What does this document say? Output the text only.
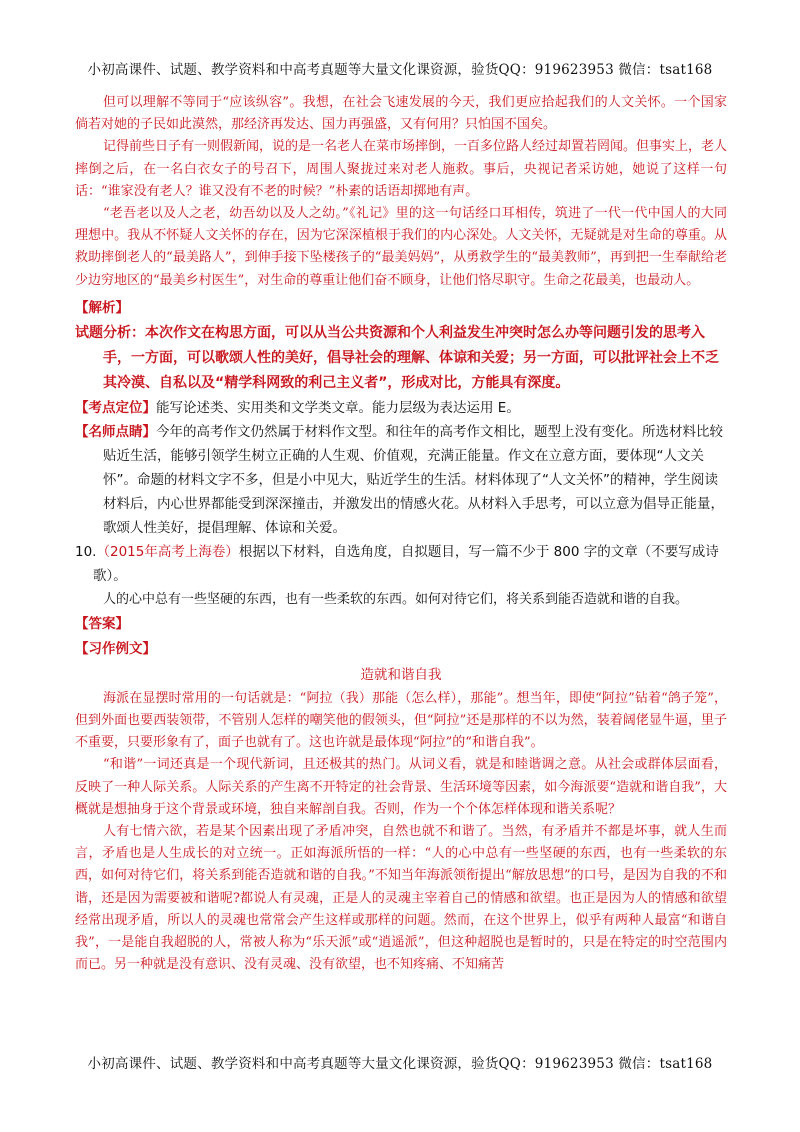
小初高课件、试题、教学资料和中高考真题等大量文化课资源，验货QQ：919623953 微信：tsat168

但可以理解不等同于“应该纵容”。我想，在社会飞速发展的今天，我们更应拾起我们的人文关怀。一个国家倘若对她的子民如此漠然，那经济再发达、国力再强盛，又有何用？只怕国不国矣。

记得前些日子有一则假新闻，说的是一名老人在菜市场摔倒，一百多位路人经过却置若罔闻。但事实上，老人摔倒之后，在一名白衣女子的号召下，周围人聚拢过来对老人施救。事后，央视记者采访她，她说了这样一句话：“谁家没有老人？谁又没有不老的时候？”朴素的话语却掷地有声。

“老吾老以及人之老，幼吾幼以及人之幼。”《礼记》里的这一句话经口耳相传，筑进了一代一代中国人的大同理想中。我从不怀疑人文关怀的存在，因为它深深植根于我们的内心深处。人文关怀，无疑就是对生命的尊重。从救助摔倒老人的“最美路人”，到伸手接下坠楼孩子的“最美妈妈”，从勇救学生的“最美教师”，再到把一生奉献给老少边穷地区的“最美乡村医生”，对生命的尊重让他们奋不顾身，让他们恪尽职守。生命之花最美，也最动人。

【解析】

试题分析：本次作文在构思方面，可以从当公共资源和个人利益发生冲突时怎么办等问题引发的思考入手，一方面，可以歌颂人性的美好，倡导社会的理解、体谅和关爱；另一方面，可以批评社会上不乏其冷漠、自私以及“精学科网致的利己主义者”，形成对比，方能具有深度。

【考点定位】能写论述类、实用类和文学类文章。能力层级为表达运用 E。

【名师点睛】今年的高考作文仍然属于材料作文型。和往年的高考作文相比，题型上没有变化。所选材料比较贴近生活，能够引领学生树立正确的人生观、价值观，充满正能量。作文在立意方面，要体现“人文关怀”。命题的材料文字不多，但是小中见大，贴近学生的生活。材料体现了“人文关怀”的精神，学生阅读材料后，内心世界都能受到深深撞击，并激发出的情感火花。从材料入手思考，可以立意为倡导正能量，歌颂人性美好，提倡理解、体谅和关爱。

10.（2015年高考上海卷）根据以下材料，自选角度，自拟题目，写一篇不少于 800 字的文章（不要写成诗歌）。

人的心中总有一些坚硬的东西，也有一些柔软的东西。如何对待它们，将关系到能否造就和谐的自我。

【答案】

【习作例文】

造就和谐自我

海派在显摆时常用的一句话就是：“阿拉（我）那能（怎么样），那能”。想当年，即使“阿拉”钻着“鸽子笼”，但到外面也要西装领带，不管别人怎样的嘲笑他的假领头，但“阿拉”还是那样的不以为然，装着阔佬显牛逼，里子不重要，只要形象有了，面子也就有了。这也许就是最体现“阿拉”的“和谐自我”。

“和谐”一词还真是一个现代新词，且还极其的热门。从词义看，就是和睦谐调之意。从社会或群体层面看，反映了一种人际关系。人际关系的产生离不开特定的社会背景、生活环境等因素，如今海派要“造就和谐自我”，大概就是想抽身于这个背景或环境，独自来解剖自我。否则，作为一个个体怎样体现和谐关系呢？

人有七情六欲，若是某个因素出现了矛盾冲突，自然也就不和谐了。当然，有矛盾并不都是坏事，就人生而言，矛盾也是人生成长的对立统一。正如海派所悟的一样：“人的心中总有一些坚硬的东西，也有一些柔软的东西，如何对待它们，将关系到能否造就和谐的自我。”不知当年海派领衔提出“解放思想”的口号，是因为自我的不和谐，还是因为需要被和谐呢?都说人有灵魂，正是人的灵魂主宰着自己的情感和欲望。也正是因为人的情感和欲望经常出现矛盾，所以人的灵魂也常常会产生这样或那样的问题。然而，在这个世界上，似乎有两种人最富“和谐自我”，一是能自我超脱的人，常被人称为“乐天派”或“逍遥派”，但这种超脱也是暂时的，只是在特定的时空范围内而已。另一种就是没有意识、没有灵魂、没有欲望，也不知疼痛、不知痛苦

小初高课件、试题、教学资料和中高考真题等大量文化课资源，验货QQ：919623953 微信：tsat168
